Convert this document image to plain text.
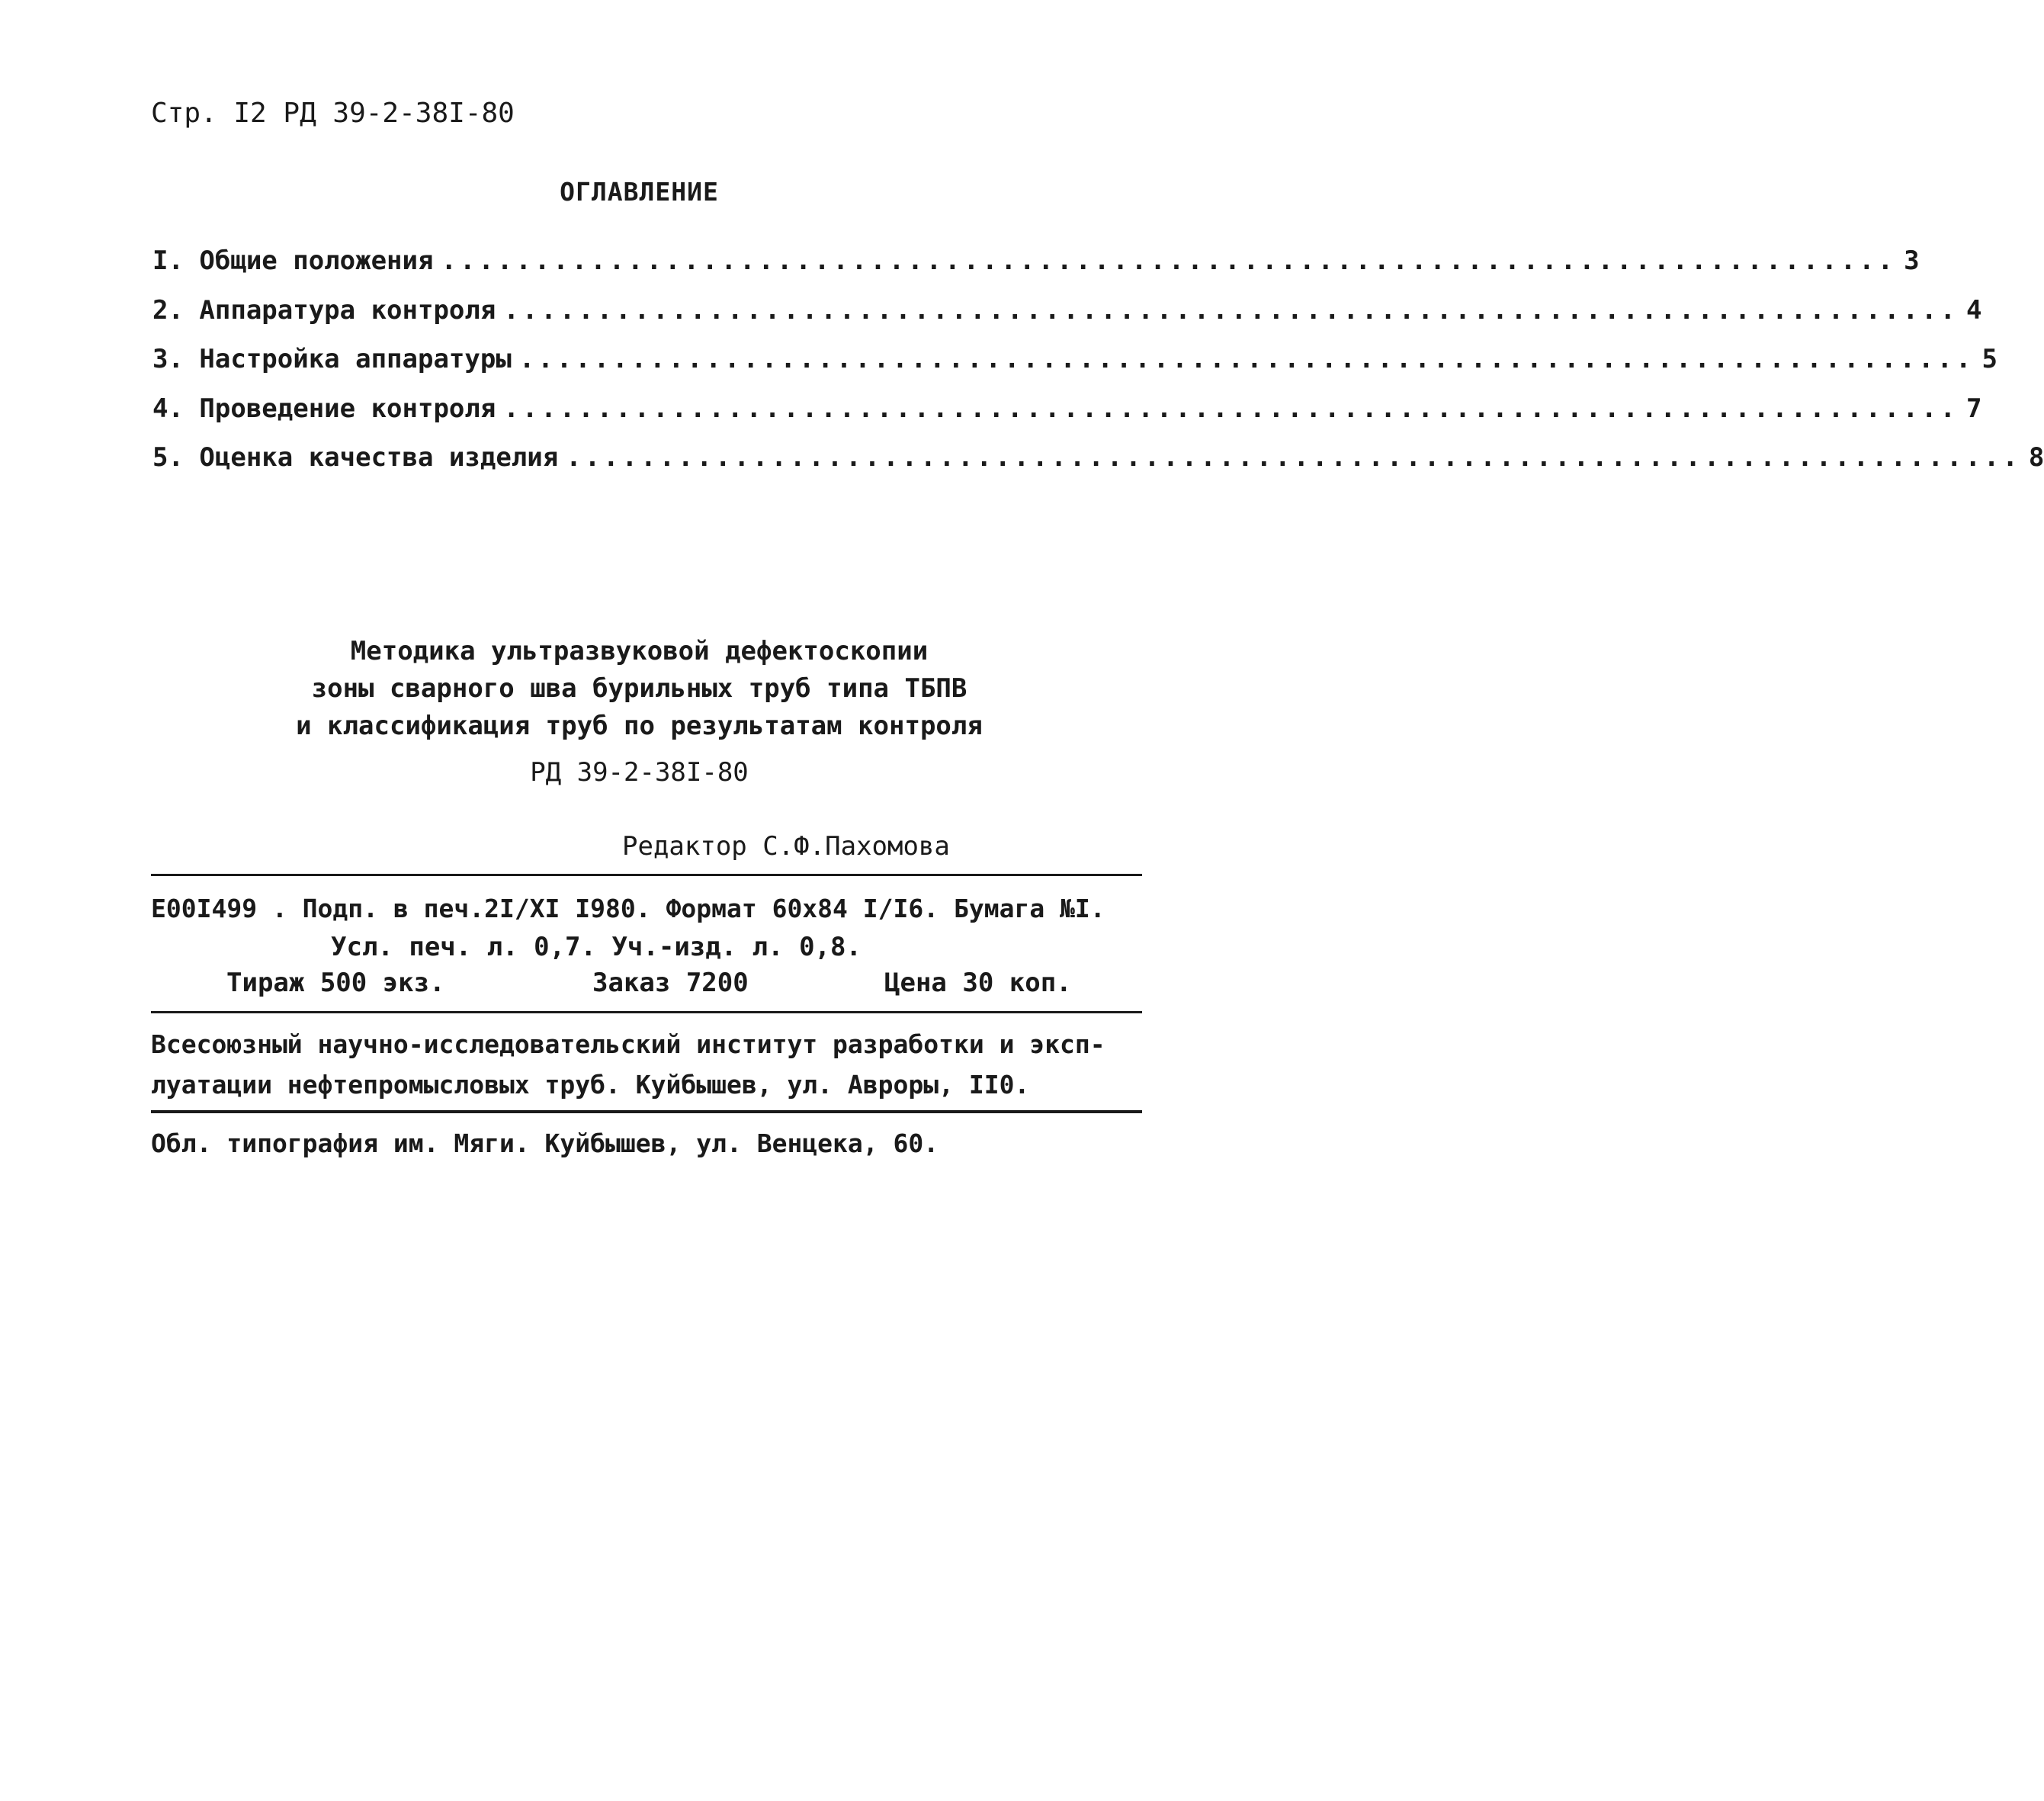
Стр. I2 РД 39-2-38I-80
ОГЛАВЛЕНИЕ
I. Общие положения .............................................................................. 3
2. Аппаратура контроля .............................................................................. 4
3. Настройка аппаратуры .............................................................................. 5
4. Проведение контроля .............................................................................. 7
5. Оценка качества изделия .............................................................................. 8
Методика ультразвуковой дефектоскопии
зоны сварного шва бурильных труб типа ТБПВ
и классификация труб по результатам контроля
РД 39-2-38I-80
Редактор С.Ф.Пахомова
Е00I499 . Подп. в печ.2I/XI I980. Формат 60х84 I/I6. Бумага №I.
Усл. печ. л. 0,7. Уч.-изд. л. 0,8.
Тираж 500 экз.	Заказ 7200	Цена 30 коп.
Всесоюзный научно-исследовательский институт разработки и эксп-
луатации нефтепромысловых труб. Куйбышев, ул. Авроры, II0.
Обл. типография им. Мяги. Куйбышев, ул. Венцека, 60.
